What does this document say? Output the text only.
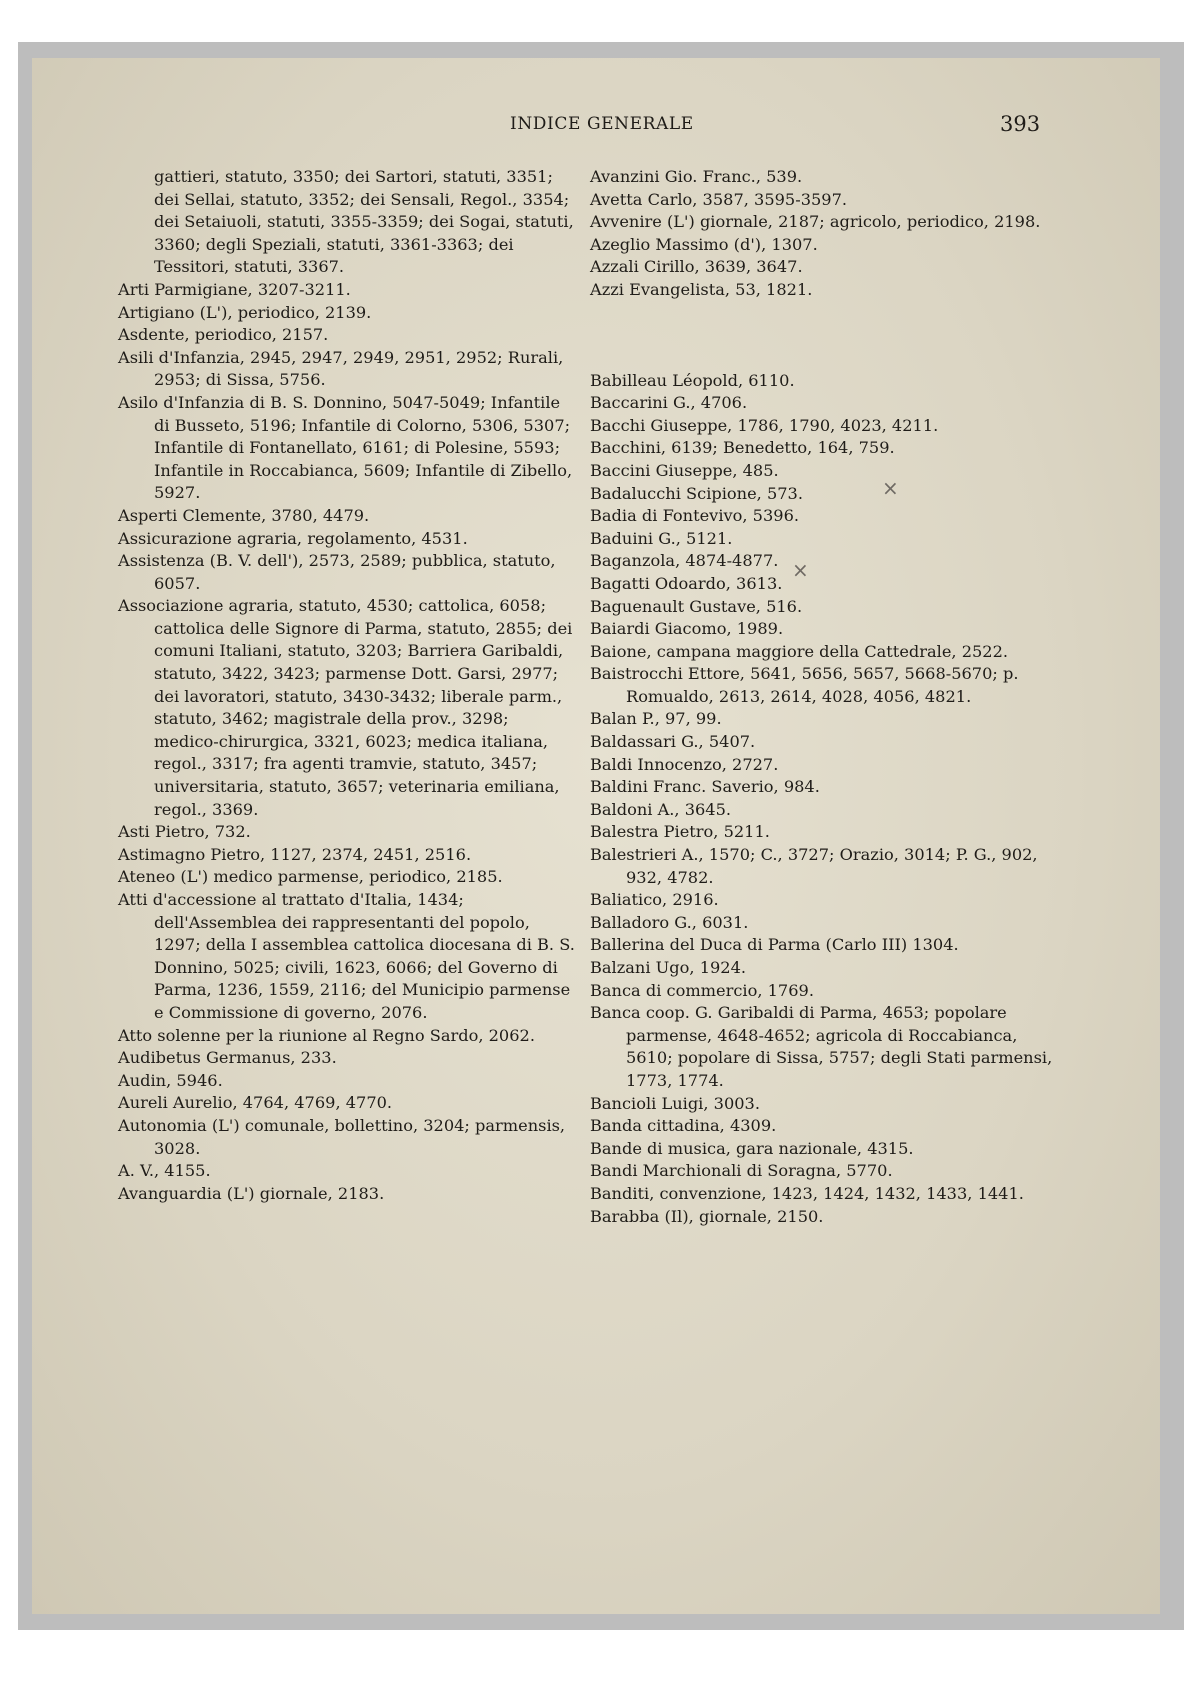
INDICE GENERALE	393

gattieri, statuto, 3350; dei Sartori, statuti, 3351; dei Sellai, statuto, 3352; dei Sensali, Regol., 3354; dei Setaiuoli, statuti, 3355-3359; dei Sogai, statuti, 3360; degli Speziali, statuti, 3361-3363; dei Tessitori, statuti, 3367.

Arti Parmigiane, 3207-3211.

Artigiano (L'), periodico, 2139.

Asdente, periodico, 2157.

Asili d'Infanzia, 2945, 2947, 2949, 2951, 2952; Rurali, 2953; di Sissa, 5756.

Asilo d'Infanzia di B. S. Donnino, 5047-5049; Infantile di Busseto, 5196; Infantile di Colorno, 5306, 5307; Infantile di Fontanellato, 6161; di Polesine, 5593; Infantile in Roccabianca, 5609; Infantile di Zibello, 5927.

Asperti Clemente, 3780, 4479.

Assicurazione agraria, regolamento, 4531.

Assistenza (B. V. dell'), 2573, 2589; pubblica, statuto, 6057.

Associazione agraria, statuto, 4530; cattolica, 6058; cattolica delle Signore di Parma, statuto, 2855; dei comuni Italiani, statuto, 3203; Barriera Garibaldi, statuto, 3422, 3423; parmense Dott. Garsi, 2977; dei lavoratori, statuto, 3430-3432; liberale parm., statuto, 3462; magistrale della prov., 3298; medico-chirurgica, 3321, 6023; medica italiana, regol., 3317; fra agenti tramvie, statuto, 3457; universitaria, statuto, 3657; veterinaria emiliana, regol., 3369.

Asti Pietro, 732.

Astimagno Pietro, 1127, 2374, 2451, 2516.

Ateneo (L') medico parmense, periodico, 2185.

Atti d'accessione al trattato d'Italia, 1434; dell'Assemblea dei rappresentanti del popolo, 1297; della I assemblea cattolica diocesana di B. S. Donnino, 5025; civili, 1623, 6066; del Governo di Parma, 1236, 1559, 2116; del Municipio parmense e Commissione di governo, 2076.

Atto solenne per la riunione al Regno Sardo, 2062.

Audibetus Germanus, 233.

Audin, 5946.

Aureli Aurelio, 4764, 4769, 4770.

Autonomia (L') comunale, bollettino, 3204; parmensis, 3028.

A. V., 4155.

Avanguardia (L') giornale, 2183.

Avanzini Gio. Franc., 539.

Avetta Carlo, 3587, 3595-3597.

Avvenire (L') giornale, 2187; agricolo, periodico, 2198.

Azeglio Massimo (d'), 1307.

Azzali Cirillo, 3639, 3647.

Azzi Evangelista, 53, 1821.

Babilleau Léopold, 6110.

Baccarini G., 4706.

Bacchi Giuseppe, 1786, 1790, 4023, 4211.

Bacchini, 6139; Benedetto, 164, 759.

Baccini Giuseppe, 485.

Badalucchi Scipione, 573.

Badia di Fontevivo, 5396.

Baduini G., 5121.

Baganzola, 4874-4877.

Bagatti Odoardo, 3613.

Baguenault Gustave, 516.

Baiardi Giacomo, 1989.

Baione, campana maggiore della Cattedrale, 2522.

Baistrocchi Ettore, 5641, 5656, 5657, 5668-5670; p. Romualdo, 2613, 2614, 4028, 4056, 4821.

Balan P., 97, 99.

Baldassari G., 5407.

Baldi Innocenzo, 2727.

Baldini Franc. Saverio, 984.

Baldoni A., 3645.

Balestra Pietro, 5211.

Balestrieri A., 1570; C., 3727; Orazio, 3014; P. G., 902, 932, 4782.

Baliatico, 2916.

Balladoro G., 6031.

Ballerina del Duca di Parma (Carlo III) 1304.

Balzani Ugo, 1924.

Banca di commercio, 1769.

Banca coop. G. Garibaldi di Parma, 4653; popolare parmense, 4648-4652; agricola di Roccabianca, 5610; popolare di Sissa, 5757; degli Stati parmensi, 1773, 1774.

Bancioli Luigi, 3003.

Banda cittadina, 4309.

Bande di musica, gara nazionale, 4315.

Bandi Marchionali di Soragna, 5770.

Banditi, convenzione, 1423, 1424, 1432, 1433, 1441.

Barabba (Il), giornale, 2150.

×
×
